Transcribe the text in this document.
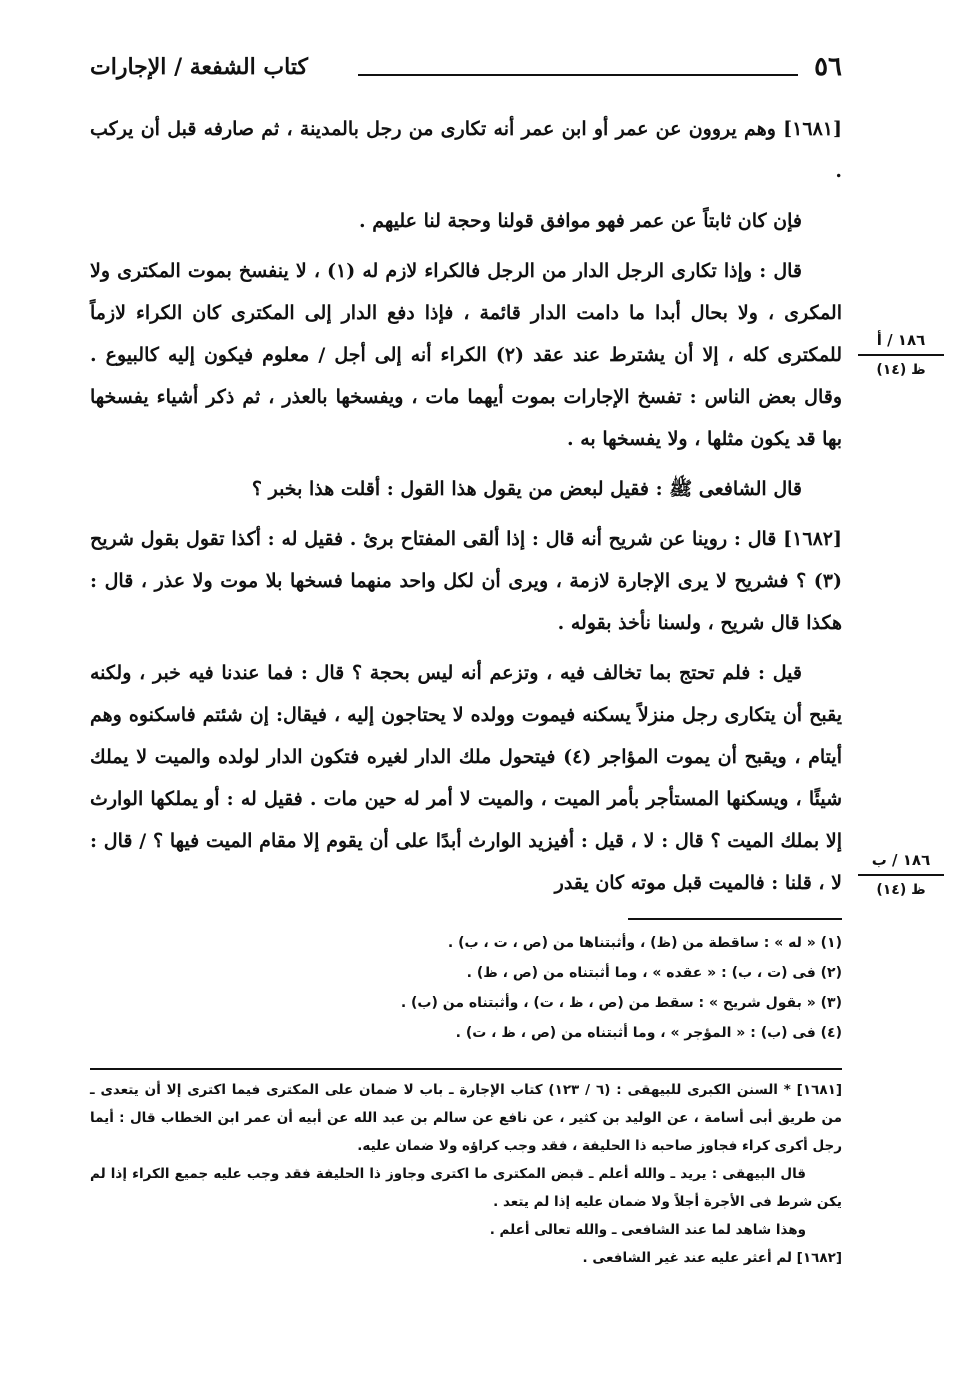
٥٦
كتاب الشفعة / الإجارات

[١٦٨١] وهم يروون عن عمر أو ابن عمر أنه تكارى من رجل بالمدينة ، ثم صارفه قبل أن يركب .

فإن كان ثابتاً عن عمر فهو موافق قولنا وحجة لنا عليهم .

قال : وإذا تكارى الرجل الدار من الرجل فالكراء لازم له (١) ، لا ينفسخ بموت المكترى ولا المكرى ، ولا بحال أبدا ما دامت الدار قائمة ، فإذا دفع الدار إلى المكترى كان الكراء لازماً للمكترى كله ، إلا أن يشترط عند عقد (٢) الكراء أنه إلى أجل / معلوم فيكون إليه كالبيوع . وقال بعض الناس : تفسخ الإجارات بموت أيهما مات ، ويفسخها بالعذر ، ثم ذكر أشياء يفسخها بها قد يكون مثلها ، ولا يفسخها به .

قال الشافعى ﷺ : فقيل لبعض من يقول هذا القول : أقلت هذا بخبر ؟

[١٦٨٢] قال : روينا عن شريح أنه قال : إذا ألقى المفتاح برئ . فقيل له : أكذا تقول بقول شريح (٣) ؟ فشريح لا يرى الإجارة لازمة ، ويرى أن لكل واحد منهما فسخها بلا موت ولا عذر ، قال : هكذا قال شريح ، ولسنا نأخذ بقوله .

قيل : فلم تحتج بما تخالف فيه ، وتزعم أنه ليس بحجة ؟ قال : فما عندنا فيه خبر ، ولكنه يقبح أن يتكارى رجل منزلاً يسكنه فيموت وولده لا يحتاجون إليه ، فيقال: إن شئتم فاسكنوه وهم أيتام ، ويقبح أن يموت المؤاجر (٤) فيتحول ملك الدار لغيره فتكون الدار لولده والميت لا يملك شيئًا ، ويسكنها المستأجر بأمر الميت ، والميت لا أمر له حين مات . فقيل له : أو يملكها الوارث إلا بملك الميت ؟ قال : لا ، قيل : أفيزيد الوارث أبدًا على أن يقوم إلا مقام الميت فيها ؟ / قال : لا ، قلنا : فالميت قبل موته كان يقدر

١٨٦ / أ
ظ (١٤)
١٨٦ / ب
ظ (١٤)
(١) « له » : ساقطة من (ظ) ، وأثبتناها من (ص ، ت ، ب) .
(٢) فى (ت ، ب) : « عقده » ، وما أثبتناه من (ص ، ظ) .
(٣) « بقول شريح » : سقط من (ص ، ظ ، ت) ، وأثبتناه من (ب) .
(٤) فى (ب) : « المؤجر » ، وما أثبتناه من (ص ، ظ ، ت) .

[١٦٨١] * السنن الكبرى للبيهقى : (٦ / ١٢٣) كتاب الإجارة ـ باب لا ضمان على المكترى فيما اكترى إلا أن يتعدى ـ من طريق أبى أسامة ، عن الوليد بن كثير ، عن نافع عن سالم بن عبد الله عن أبيه أن عمر ابن الخطاب قال : أيما رجل أكرى كراء فجاوز صاحبه ذا الحليفة ، فقد وجب كراؤه ولا ضمان عليه.

قال البيهقى : يريد ـ والله أعلم ـ قبض المكترى ما اكترى وجاوز ذا الحليفة فقد وجب عليه جميع الكراء إذا لم يكن شرط فى الأجرة أجلاً ولا ضمان عليه إذا لم يتعد .

وهذا شاهد لما عند الشافعى ـ والله تعالى أعلم .

[١٦٨٢] لم أعثر عليه عند غير الشافعى .
